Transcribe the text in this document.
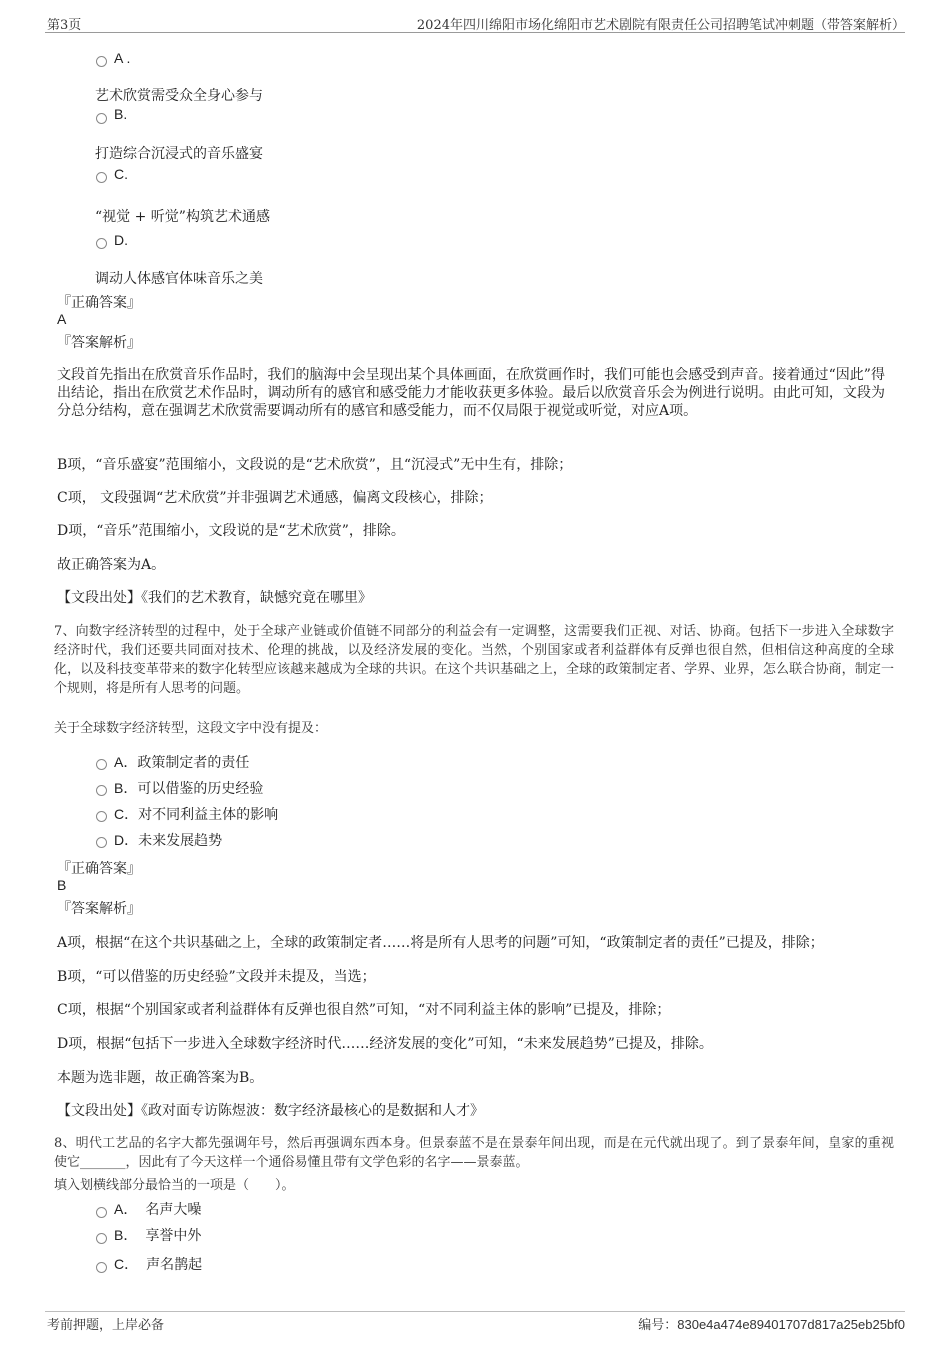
第3页	2024年四川绵阳市场化绵阳市艺术剧院有限责任公司招聘笔试冲刺题（带答案解析）
A .
艺术欣赏需受众全身心参与
B.
打造综合沉浸式的音乐盛宴
C.
“视觉 + 听觉”构筑艺术通感
D.
调动人体感官体味音乐之美
『正确答案』
A
『答案解析』
文段首先指出在欣赏音乐作品时，我们的脑海中会呈现出某个具体画面，在欣赏画作时，我们可能也会感受到声音。接着通过“因此”得出结论，指出在欣赏艺术作品时，调动所有的感官和感受能力才能收获更多体验。最后以欣赏音乐会为例进行说明。由此可知，文段为分总分结构，意在强调艺术欣赏需要调动所有的感官和感受能力，而不仅局限于视觉或听觉，对应A项。
B项，“音乐盛宴”范围缩小，文段说的是“艺术欣赏”，且“沉浸式”无中生有，排除；
C项， 文段强调“艺术欣赏”并非强调艺术通感，偏离文段核心，排除；
D项，“音乐”范围缩小，文段说的是“艺术欣赏”，排除。
故正确答案为A。
【文段出处】《我们的艺术教育，缺憾究竟在哪里》
7、向数字经济转型的过程中，处于全球产业链或价值链不同部分的利益会有一定调整，这需要我们正视、对话、协商。包括下一步进入全球数字经济时代，我们还要共同面对技术、伦理的挑战，以及经济发展的变化。当然，个别国家或者利益群体有反弹也很自然，但相信这种高度的全球化，以及科技变革带来的数字化转型应该越来越成为全球的共识。在这个共识基础之上，全球的政策制定者、学界、业界，怎么联合协商，制定一个规则，将是所有人思考的问题。
关于全球数字经济转型，这段文字中没有提及：
A．政策制定者的责任
B．可以借鉴的历史经验
C．对不同利益主体的影响
D．未来发展趋势
『正确答案』
B
『答案解析』
A项，根据“在这个共识基础之上，全球的政策制定者……将是所有人思考的问题”可知，“政策制定者的责任”已提及，排除；
B项，“可以借鉴的历史经验”文段并未提及，当选；
C项，根据“个别国家或者利益群体有反弹也很自然”可知，“对不同利益主体的影响”已提及，排除；
D项，根据“包括下一步进入全球数字经济时代……经济发展的变化”可知，“未来发展趋势”已提及，排除。
本题为选非题，故正确答案为B。
【文段出处】《政对面专访陈煜波：数字经济最核心的是数据和人才》
8、明代工艺品的名字大都先强调年号，然后再强调东西本身。但景泰蓝不是在景泰年间出现，而是在元代就出现了。到了景泰年间，皇家的重视使它_______，因此有了今天这样一个通俗易懂且带有文学色彩的名字——景泰蓝。
填入划横线部分最恰当的一项是（　　）。
A． 名声大噪
B． 享誉中外
C． 声名鹊起
考前押题，上岸必备	编号：830e4a474e89401707d817a25eb25bf0
